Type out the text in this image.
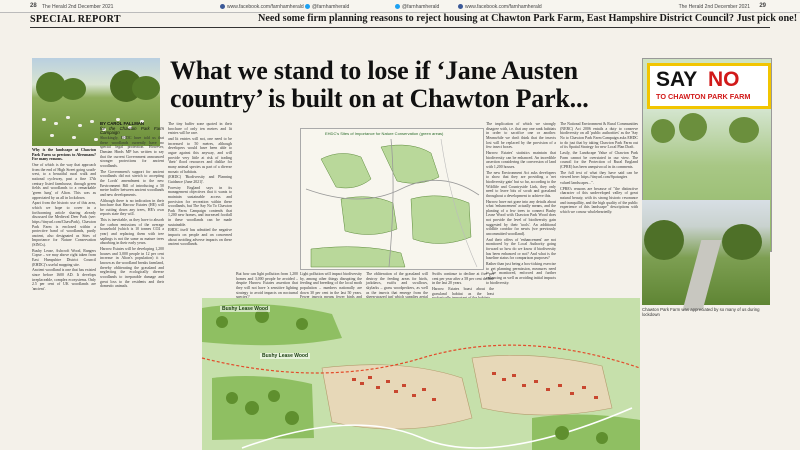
28 The Herald 2nd December 2021	www.facebook.com/farnhamherald	@farnhamherald	@farnhamherald	www.facebook.com/farnhamherald	The Herald 2nd December 2021 29
SPECIAL REPORT	Need some firm planning reasons to reject housing at Chawton Park Farm, East Hampshire District Council? Just pick one!
What we stand to lose if ‘Jane Austen country’ is built on at Chawton Park...
SAY NO
TO CHAWTON PARK FARM
Chawton Park Farm was appreciated by so many of us during lockdown

Why is the landscape at Chawton Park Farm so precious to Alresmans? For many reasons.

One of which is the way that approach from the end of High Street going south-west, to a beautiful rural walk and national cycleway, past a fine 17th century listed farmhouse, through green fields and woodlands to a remarkable 'green lung' of Alton. This was as appreciated by us all in lockdown.

Apart from the historic use of this area, which we hope to cover in a forthcoming article sharing already discussed the Medieval Deer Park (see: https://tinyurl.com/ChawPark), Chawton Park Farm is enclosed within a protective band of woodlands, partly ancient, also designated as Sites of Importance for Nature Conservation (SINCs).

Bushy Lease, Ashcroft Wood, Rangers Copse – we may above right taken from East Hampshire District Council (EHDC)'s useful mapping site.

Ancient woodland is one that has existed since before 1600 AD. It develops irreplaceable, complex ecosystems. Only 2.5 per cent of UK woodlands are 'ancient'.

BY CAROL FALLMAN
for the Chawton Park Farm Campaign

Shockingly, EHDC have told us that these woodlands currently have no special legal protection. However, Damian Hinds MP has written to say that the current Government announced stronger protections for ancient woodlands.

The Government's support for ancient woodlands did not stretch to accepting the Lords' amendment to the new Environment Bill of introducing a 50 metre buffer between ancient woodlands and new developments.

Although there is no indication in their brochure that Harrow Estates (HE) will be cutting down any trees, HE's own reports state they will.

This is inevitable, as they have to absorb the carbon emissions of the average household (which is 10 tonnes CO2 a year) and replacing them with tree saplings is not the same as mature trees absorbing in their early years.

Harrow Estates will be developing 1,200 houses and 3,000 people in 12 per cent increase in Alton's population) it is known as the woodland breaks farmland, thereby obliterating the grassland and neglecting the ecologically diverse woodlands to irreparable damage and great loss to the residents and their domestic animals.

The tiny buffer zone quoted in their brochure of only ten metres and lit entries will be rare.

and lit entries will not, one need to be increased to 50 metres, although developers would have been able to argue against this anyway, and will provide very little at risk of trading 'their' flood resources and dislike for many animal species as part of a diverse mosaic of habitats.

(EHDC) 'Biodiversity and Planning Guidance (June 2021)'.

Forestry England says in its management objectives that it wants to maintain sustainable access and provision for recreation within these woodlands, but The Say No To Chawton Park Farm Campaign contends that 1,200 new homes, and increased footfall in these woodlands can be made sustainable.

EHDC itself has admitted the negative impacts on people and on concerned about avoiding adverse impacts on these ancient woodlands.

But how can light pollution from 1,200 homes and 3,000 people be avoided – despite Harrow Estates assertion that they will not have 'a sensitive lighting strategy to avoid impacts on nocturnal

Light pollution will impact biodiversity by, among other things disrupting the feeding and breeding of the local moth population – numbers nationally are down 30 per cent in the last 50 years.

The obliteration of the grassland will destroy the feeding areas for birds, jackdaws, swifts and swallows, skylarks – grass woodpeckers, as well as the insects that emerge from the

Swifts continue to decline at five per cent per year after a 58 per cent decline in the last 20 years.

Harrow Estates boast about the grassland habitat as the least

The implication of which we strongly disagree with, i.e. that any one rank habitats in order to sacrifice one or another. Meanwhile we don't think that the insects lost will be replaced by the provision of a few insect boxes.

Harrow Estates' statistics maintain that biodiversity can be enhanced. An incredible assertion considering the conversion of land with 1,200 houses.

The new Environment Act asks developers to show that they are providing a 'net biodiversity gain' but so far, according to the Wildlife and Countryside Link, they only need to leave bits of scrub and grassland throughout a development to achieve this.

Harrow have not gone into any details about what 'enhancement' actually means, and the planting of a few trees to connect Bushy Lease Wood with Chawton Park Wood does not provide the level of biodiversity gain suggested by their 'tools'. An additional wildlife corridor for newts (we previously uncommitted woodland).

And their offers of 'enhancement' are not monitored by the Local Authority going forward so how do we know if biodiversity has been enhanced or not? And what is the baseline status for comparison purposes?

Rather than just being a box-ticking exercise to get planning permission, measures need to be monitored, enforced and further enhancing as well as avoiding initial impacts to biodiversity.

The National Environment & Rural Communities (NERC) Act 2006 entails a duty to conserve biodiversity on all 'public authorities' as the 'Say No to Chawton Park Farm Campaign asks EHDC to do just that by taking Chawton Park Farm out of its Spatial Strategy for new Local Plan Draft.

Lastly, the Landscape Value of Chawton Park Farm cannot be overstated in our view. The council for the Protection of Rural England (CPRE) has been unequivocal in its comments.

The full text of what they have said can be viewed here: https://tinyurl.com/Spaturgies

valued landscapes...".

CPRE's reasons are because of "the distinctive character of this undeveloped valley of great natural beauty, with its strong historic resonance and tranquillity, and the high quality of the public experience of this landscape" descriptions with which we concur wholeheartedly.

EHDC's Sites of Importance for Nature Conservation (green areas)
Bushy Lease Wood
Bushy Lease Wood
